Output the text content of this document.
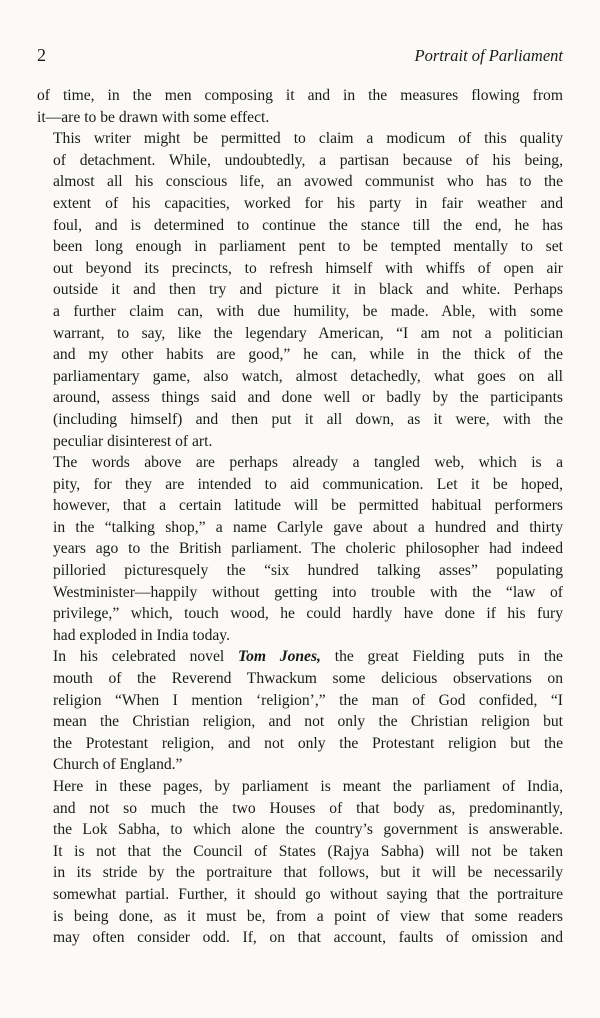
2	Portrait of Parliament

of time, in the men composing it and in the measures flowing from
it—are to be drawn with some effect.

This writer might be permitted to claim a modicum of this quality
of detachment. While, undoubtedly, a partisan because of his being,
almost all his conscious life, an avowed communist who has to the
extent of his capacities, worked for his party in fair weather and
foul, and is determined to continue the stance till the end, he has
been long enough in parliament pent to be tempted mentally to set
out beyond its precincts, to refresh himself with whiffs of open air
outside it and then try and picture it in black and white. Perhaps
a further claim can, with due humility, be made. Able, with some
warrant, to say, like the legendary American, “I am not a politician
and my other habits are good,” he can, while in the thick of the
parliamentary game, also watch, almost detachedly, what goes on all
around, assess things said and done well or badly by the participants
(including himself) and then put it all down, as it were, with the
peculiar disinterest of art.

The words above are perhaps already a tangled web, which is a
pity, for they are intended to aid communication. Let it be hoped,
however, that a certain latitude will be permitted habitual performers
in the “talking shop,” a name Carlyle gave about a hundred and thirty
years ago to the British parliament. The choleric philosopher had indeed
pilloried picturesquely the “six hundred talking asses” populating
Westminister—happily without getting into trouble with the “law of
privilege,” which, touch wood, he could hardly have done if his fury
had exploded in India today.

In his celebrated novel Tom Jones, the great Fielding puts in the
mouth of the Reverend Thwackum some delicious observations on
religion “When I mention ‘religion’,” the man of God confided, “I
mean the Christian religion, and not only the Christian religion but
the Protestant religion, and not only the Protestant religion but the
Church of England.”

Here in these pages, by parliament is meant the parliament of India,
and not so much the two Houses of that body as, predominantly,
the Lok Sabha, to which alone the country’s government is answerable.
It is not that the Council of States (Rajya Sabha) will not be taken
in its stride by the portraiture that follows, but it will be necessarily
somewhat partial. Further, it should go without saying that the portraiture
is being done, as it must be, from a point of view that some readers
may often consider odd. If, on that account, faults of omission and
